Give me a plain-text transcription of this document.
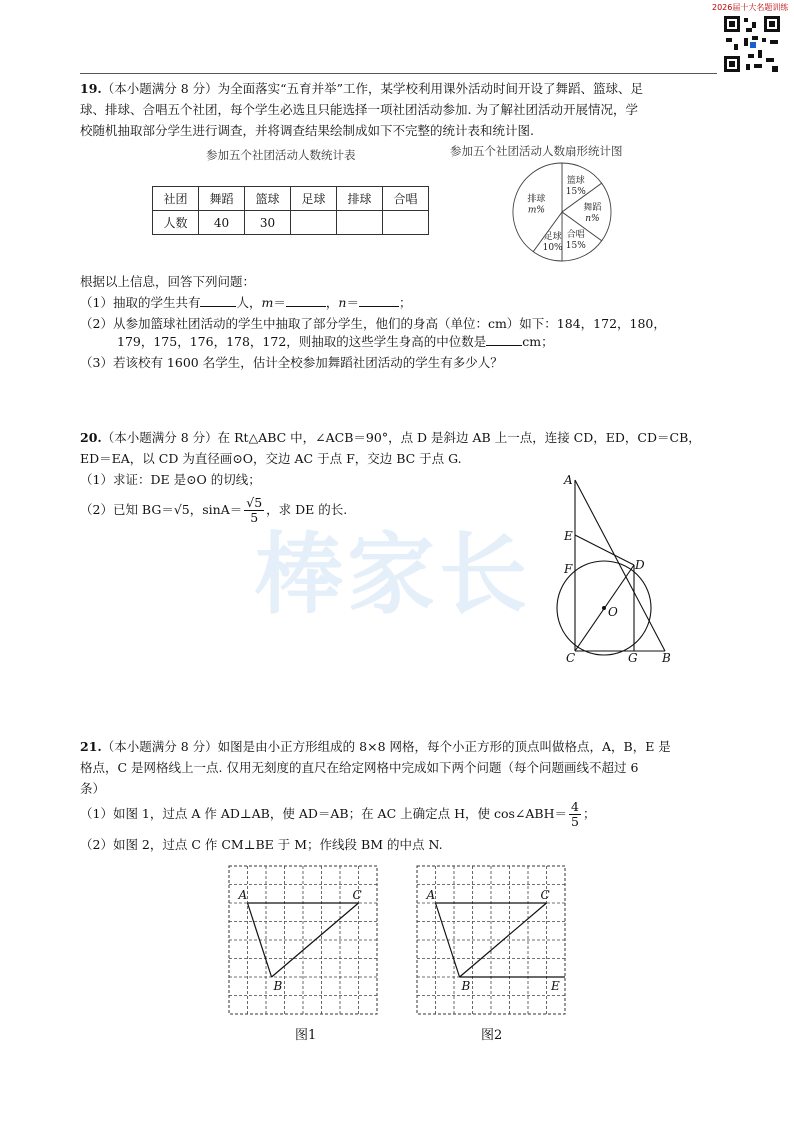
2026届十大名题训练
19.（本小题满分 8 分）为全面落实“五育并举”工作，某学校利用课外活动时间开设了舞蹈、篮球、足
球、排球、合唱五个社团，每个学生必选且只能选择一项社团活动参加. 为了解社团活动开展情况，学
校随机抽取部分学生进行调查，并将调查结果绘制成如下不完整的统计表和统计图.
参加五个社团活动人数统计表	参加五个社团活动人数扇形统计图
社团	舞蹈	篮球	足球	排球	合唱
人数	40	30			
篮球
15%
舞蹈
n%
合唱
15%
足球
10%
排球
m%
根据以上信息，回答下列问题：
（1）抽取的学生共有	人，m＝	，n＝	；
（2）从参加篮球社团活动的学生中抽取了部分学生，他们的身高（单位：cm）如下：184，172，180，
179，175，176，178，172，则抽取的这些学生身高的中位数是	cm；
（3）若该校有 1600 名学生，估计全校参加舞蹈社团活动的学生有多少人？
20.（本小题满分 8 分）在 Rt△ABC 中，∠ACB＝90°，点 D 是斜边 AB 上一点，连接 CD，ED，CD＝CB，
ED＝EA，以 CD 为直径画⊙O，交边 AC 于点 F，交边 BC 于点 G.
（1）求证：DE 是⊙O 的切线；
（2）已知 BG＝√5，$\sin A= \frac{√5}{5}$ ，求 DE 的长.
棒家长
A
E
F	D
O
C	G B
21.（本小题满分 8 分）如图是由小正方形组成的 8×8 网格，每个小正方形的顶点叫做格点，A，B，E 是
格点，C 是网格线上一点. 仅用无刻度的直尺在给定网格中完成如下两个问题（每个问题画线不超过 6
条）
（1）如图 1，过点 A 作 AD⊥AB，使 AD＝AB；在 AC 上确定点 H，使 cos∠ABH＝ $\frac{4}{5}$ ；
（2）如图 2，过点 C 作 CM⊥BE 于 M；作线段 BM 的中点 N.
A	C
B
A	C
B	E
图1	图2
